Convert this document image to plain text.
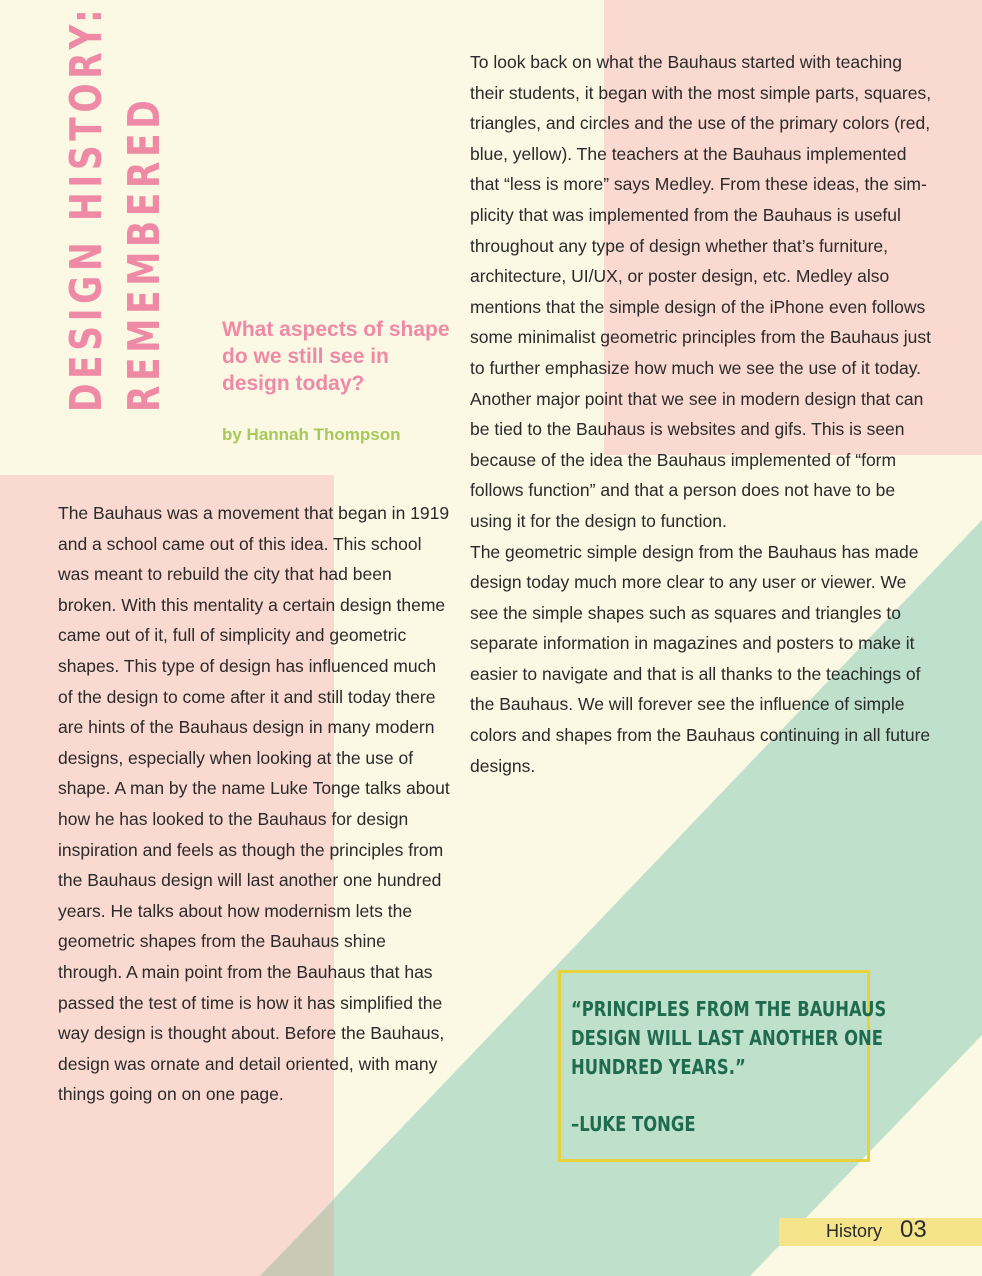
DESIGN HISTORY: REMEMBERED What aspects of shape do we still see in design today?
by Hannah Thompson

The Bauhaus was a movement that began in 1919 and a school came out of this idea. This school was meant to rebuild the city that had been broken. With this mentality a certain design theme came out of it, full of simplicity and geometric shapes. This type of design has influenced much of the design to come after it and still today there are hints of the Bauhaus design in many modern designs, especially when looking at the use of shape. A man by the name Luke Tonge talks about how he has looked to the Bauhaus for design inspiration and feels as though the principles from the Bauhaus design will last another one hundred years. He talks about how modernism lets the geometric shapes from the Bauhaus shine through. A main point from the Bauhaus that has passed the test of time is how it has simplified the way design is thought about. Before the Bauhaus, design was ornate and detail oriented, with many things going on on one page.

To look back on what the Bauhaus started with teaching their students, it began with the most simple parts, squares, triangles, and circles and the use of the primary colors (red, blue, yellow). The teachers at the Bauhaus implemented that “less is more” says Medley. From these ideas, the simplicity that was implemented from the Bauhaus is useful throughout any type of design whether that’s furniture, architecture, UI/UX, or poster design, etc. Medley also mentions that the simple design of the iPhone even follows some minimalist geometric principles from the Bauhaus just to further emphasize how much we see the use of it today. Another major point that we see in modern design that can be tied to the Bauhaus is websites and gifs. This is seen because of the idea the Bauhaus implemented of “form follows function” and that a person does not have to be using it for the design to function.

The geometric simple design from the Bauhaus has made design today much more clear to any user or viewer. We see the simple shapes such as squares and triangles to separate information in magazines and posters to make it easier to navigate and that is all thanks to the teachings of the Bauhaus. We will forever see the influence of simple colors and shapes from the Bauhaus continuing in all future designs.

“PRINCIPLES FROM THE BAUHAUS
DESIGN WILL LAST ANOTHER ONE
HUNDRED YEARS.”
–LUKE TONGE
History 03
